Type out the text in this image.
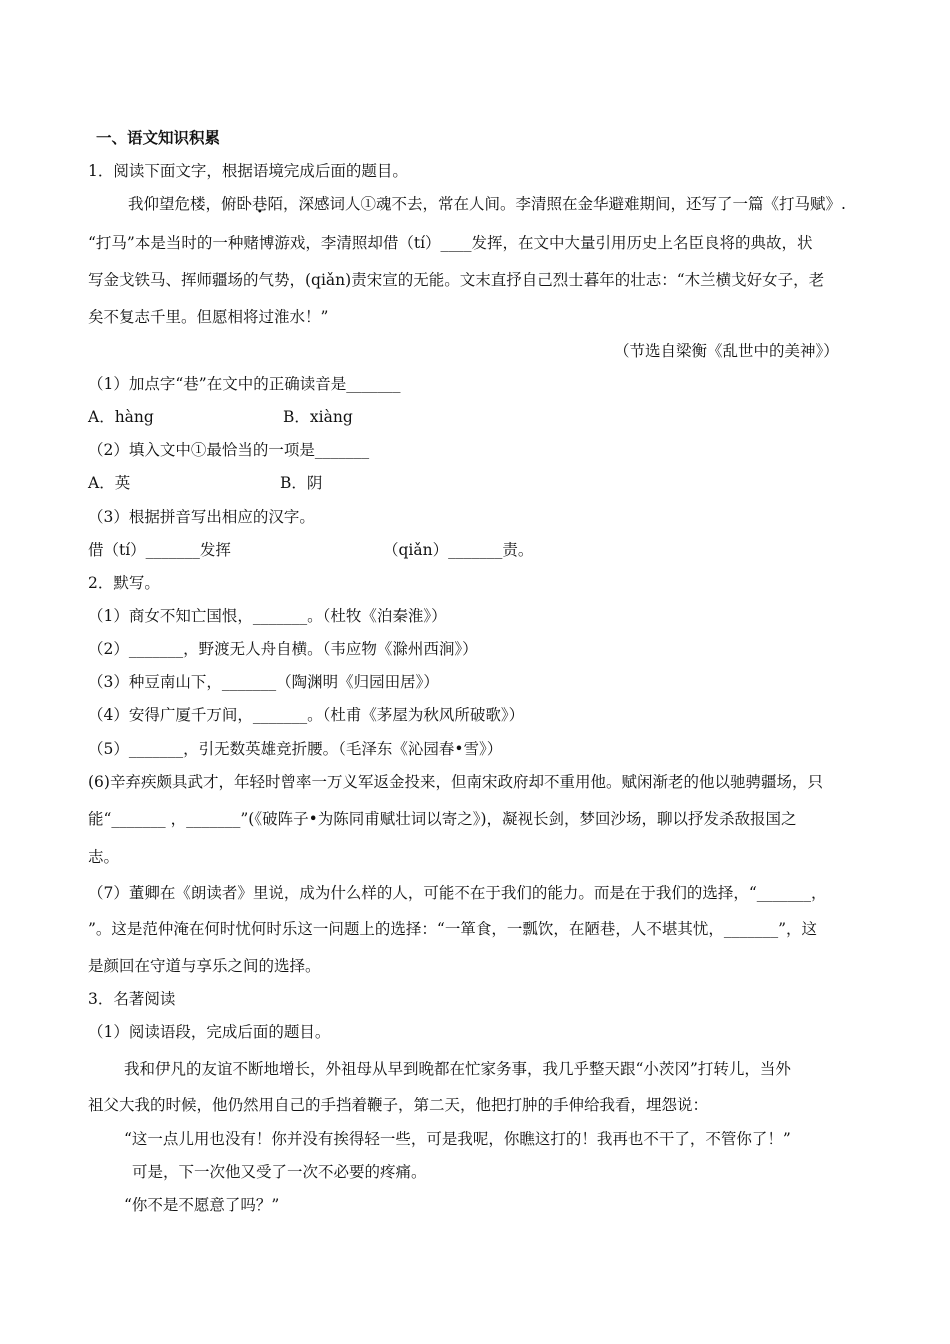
一、语文知识积累
1．阅读下面文字，根据语境完成后面的题目。
我仰望危楼，俯卧巷陌，深感词人①魂不去，常在人间。李清照在金华避难期间，还写了一篇《打马赋》.
“打马”本是当时的一种赌博游戏，李清照却借（tí）____发挥，在文中大量引用历史上名臣良将的典故，状
写金戈铁马、挥师疆场的气势，(qiǎn)责宋宣的无能。文末直抒自己烈士暮年的壮志：“木兰横戈好女子，老
矣不复志千里。但愿相将过淮水！”
（节选自梁衡《乱世中的美神》）
（1）加点字“巷”在文中的正确读音是_______
A．hàng	B．xiàng
（2）填入文中①最恰当的一项是_______
A．英	B．阴
（3）根据拼音写出相应的汉字。
借（tí）_______发挥	（qiǎn）_______责。
2．默写。
（1）商女不知亡国恨，_______。（杜牧《泊秦淮》）
（2）_______，野渡无人舟自横。（韦应物《滁州西涧》）
（3）种豆南山下，_______（陶渊明《归园田居》）
（4）安得广厦千万间，_______。（杜甫《茅屋为秋风所破歌》）
（5）_______，引无数英雄竞折腰。（毛泽东《沁园春•雪》）
(6)辛弃疾颇具武才，年轻时曾率一万义军返金投来，但南宋政府却不重用他。赋闲渐老的他以驰骋疆场，只
能“_______ ，_______”(《破阵子•为陈同甫赋壮词以寄之》)，凝视长剑，梦回沙场，聊以抒发杀敌报国之
志。
（7）董卿在《朗读者》里说，成为什么样的人，可能不在于我们的能力。而是在于我们的选择，“_______，
”。这是范仲淹在何时忧何时乐这一问题上的选择：“一箪食，一瓢饮，在陋巷，人不堪其忧，_______”，这
是颜回在守道与享乐之间的选择。
3．名著阅读
（1）阅读语段，完成后面的题目。
我和伊凡的友谊不断地增长，外祖母从早到晚都在忙家务事，我几乎整天跟“小茨冈”打转儿，当外
祖父大我的时候，他仍然用自己的手挡着鞭子，第二天，他把打肿的手伸给我看，埋怨说：
“这一点儿用也没有！你并没有挨得轻一些，可是我呢，你瞧这打的！我再也不干了，不管你了！”
可是，下一次他又受了一次不必要的疼痛。
“你不是不愿意了吗？”
